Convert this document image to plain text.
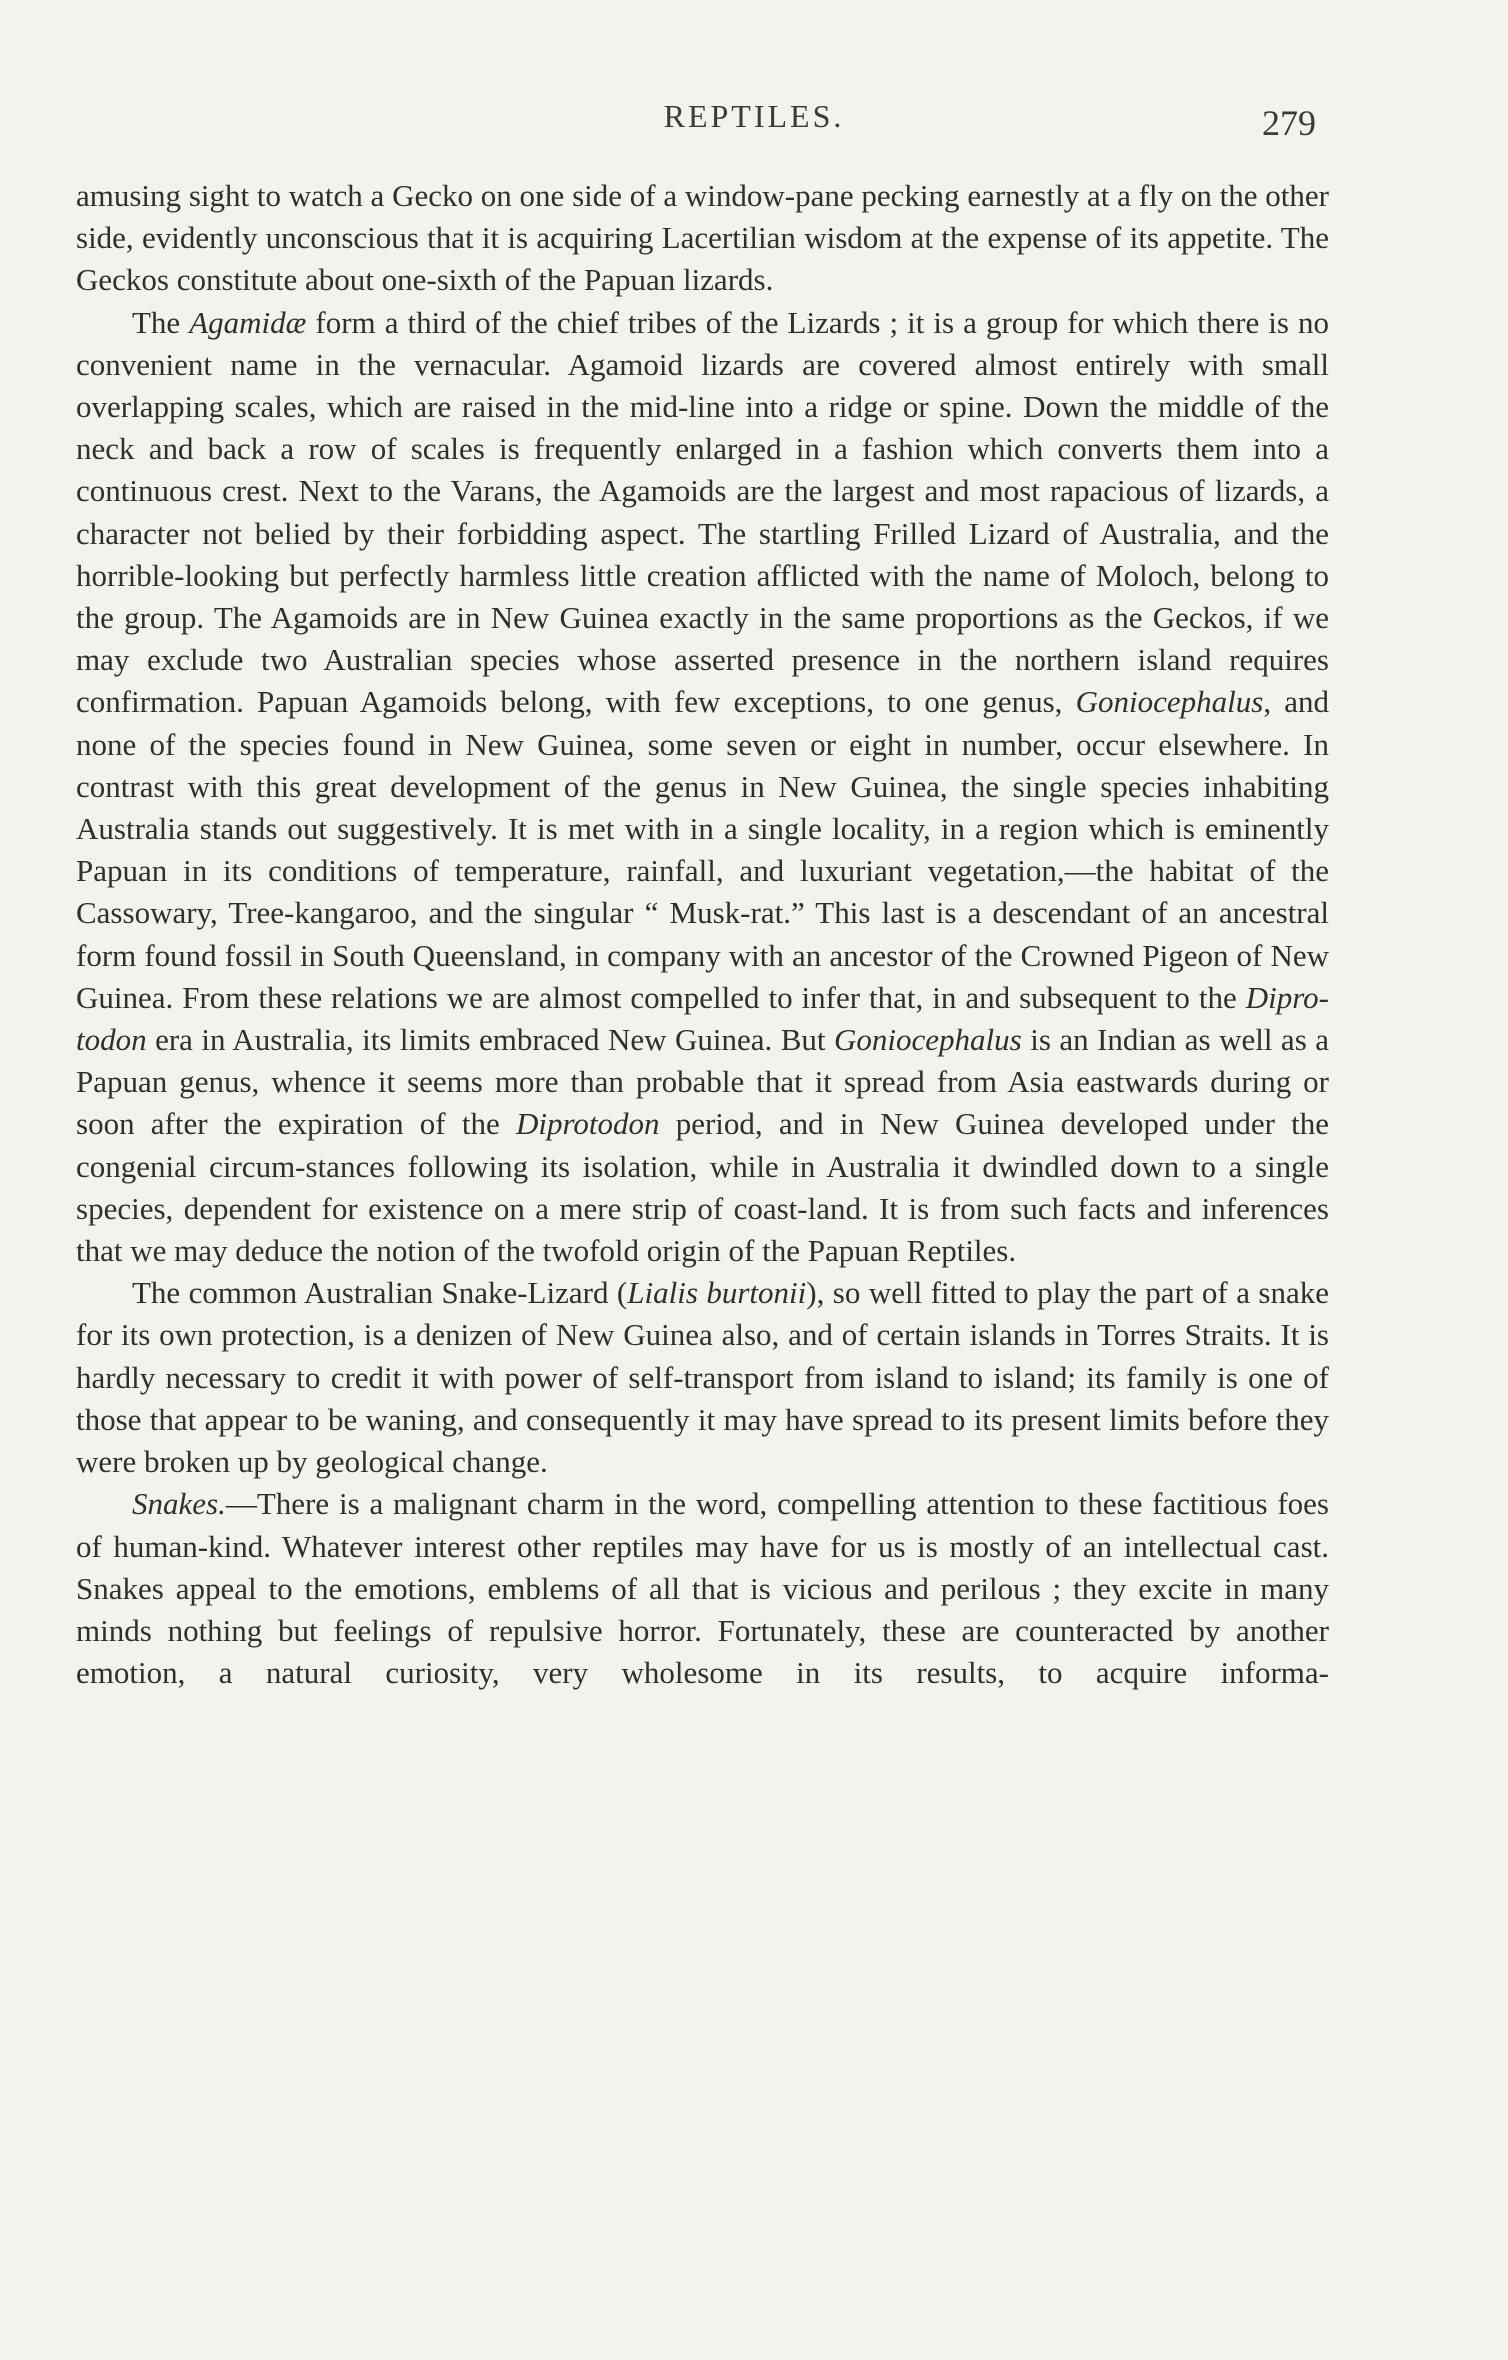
REPTILES.	279

amusing sight to watch a Gecko on one side of a window-pane pecking earnestly at a fly on the other side, evidently unconscious that it is acquiring Lacertilian wisdom at the expense of its appetite. The Geckos constitute about one-sixth of the Papuan lizards.

The Agamidæ form a third of the chief tribes of the Lizards ; it is a group for which there is no convenient name in the vernacular. Agamoid lizards are covered almost entirely with small overlapping scales, which are raised in the mid-line into a ridge or spine. Down the middle of the neck and back a row of scales is frequently enlarged in a fashion which converts them into a continuous crest. Next to the Varans, the Agamoids are the largest and most rapacious of lizards, a character not belied by their forbidding aspect. The startling Frilled Lizard of Australia, and the horrible-looking but perfectly harmless little creation afflicted with the name of Moloch, belong to the group. The Agamoids are in New Guinea exactly in the same proportions as the Geckos, if we may exclude two Australian species whose asserted presence in the northern island requires confirmation. Papuan Agamoids belong, with few exceptions, to one genus, Goniocephalus, and none of the species found in New Guinea, some seven or eight in number, occur elsewhere. In contrast with this great development of the genus in New Guinea, the single species inhabiting Australia stands out suggestively. It is met with in a single locality, in a region which is eminently Papuan in its conditions of temperature, rainfall, and luxuriant vegetation,—the habitat of the Cassowary, Tree-kangaroo, and the singular “ Musk-rat.” This last is a descendant of an ancestral form found fossil in South Queensland, in company with an ancestor of the Crowned Pigeon of New Guinea. From these relations we are almost compelled to infer that, in and subsequent to the Dipro-todon era in Australia, its limits embraced New Guinea. But Goniocephalus is an Indian as well as a Papuan genus, whence it seems more than probable that it spread from Asia eastwards during or soon after the expiration of the Diprotodon period, and in New Guinea developed under the congenial circum-stances following its isolation, while in Australia it dwindled down to a single species, dependent for existence on a mere strip of coast-land. It is from such facts and inferences that we may deduce the notion of the twofold origin of the Papuan Reptiles.

The common Australian Snake-Lizard (Lialis burtonii), so well fitted to play the part of a snake for its own protection, is a denizen of New Guinea also, and of certain islands in Torres Straits. It is hardly necessary to credit it with power of self-transport from island to island; its family is one of those that appear to be waning, and consequently it may have spread to its present limits before they were broken up by geological change.

Snakes.—There is a malignant charm in the word, compelling attention to these factitious foes of human-kind. Whatever interest other reptiles may have for us is mostly of an intellectual cast. Snakes appeal to the emotions, emblems of all that is vicious and perilous ; they excite in many minds nothing but feelings of repulsive horror. Fortunately, these are counteracted by another emotion, a natural curiosity, very wholesome in its results, to acquire informa-
